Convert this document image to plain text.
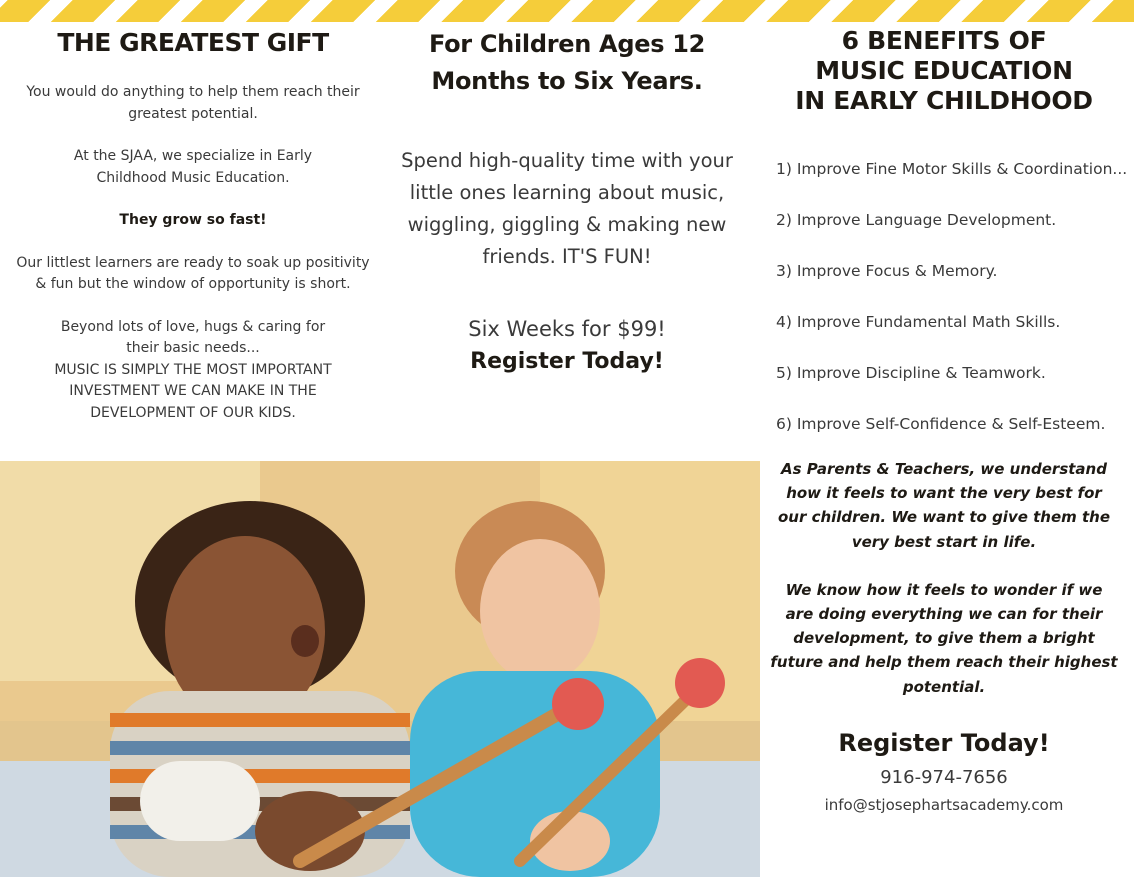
THE GREATEST GIFT

You would do anything to help them reach their greatest potential.

At the SJAA, we specialize in Early Childhood Music Education.

They grow so fast!

Our littlest learners are ready to soak up positivity & fun but the window of opportunity is short.

Beyond lots of love, hugs & caring for their basic needs...

MUSIC IS SIMPLY THE MOST IMPORTANT INVESTMENT WE CAN MAKE IN THE DEVELOPMENT OF OUR KIDS.

For Children Ages 12
Months to Six Years.
Spend high-quality time with your little ones learning about music, wiggling, giggling & making new friends. IT'S FUN!
Six Weeks for $99!
Register Today!
6 BENEFITS OF
MUSIC EDUCATION
IN EARLY CHILDHOOD
1) Improve Fine Motor Skills & Coordination...
2) Improve Language Development.
3) Improve Focus & Memory.
4) Improve Fundamental Math Skills.
5) Improve Discipline & Teamwork.
6) Improve Self-Confidence & Self-Esteem.

As Parents & Teachers, we understand how it feels to want the very best for our children. We want to give them the very best start in life.

We know how it feels to wonder if we are doing everything we can for their development, to give them a bright future and help them reach their highest potential.

Register Today!
916-974-7656
info@stjosephartsacademy.com
